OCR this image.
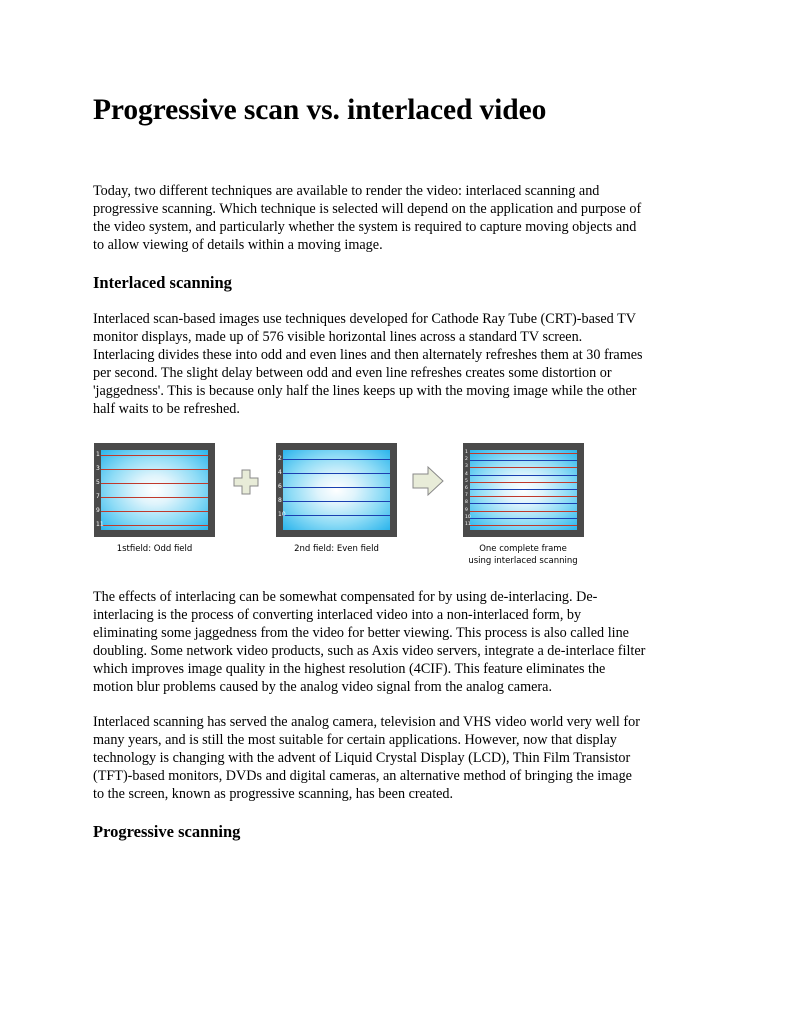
Progressive scan vs. interlaced video

Today, two different techniques are available to render the video: interlaced scanning and
progressive scanning. Which technique is selected will depend on the application and purpose of
the video system, and particularly whether the system is required to capture moving objects and
to allow viewing of details within a moving image.

Interlaced scanning

Interlaced scan-based images use techniques developed for Cathode Ray Tube (CRT)-based TV
monitor displays, made up of 576 visible horizontal lines across a standard TV screen.
Interlacing divides these into odd and even lines and then alternately refreshes them at 30 frames
per second. The slight delay between odd and even line refreshes creates some distortion or
'jaggedness'. This is because only half the lines keeps up with the moving image while the other
half waits to be refreshed.

1
3
5
7
9
11
2
4
6
8
10
1
2
3
4
5
6
7
8
9
10
11
1stfield: Odd field	2nd field: Even field	One complete frame
using interlaced scanning

The effects of interlacing can be somewhat compensated for by using de-interlacing. De-
interlacing is the process of converting interlaced video into a non-interlaced form, by
eliminating some jaggedness from the video for better viewing. This process is also called line
doubling. Some network video products, such as Axis video servers, integrate a de-interlace filter
which improves image quality in the highest resolution (4CIF). This feature eliminates the
motion blur problems caused by the analog video signal from the analog camera.

Interlaced scanning has served the analog camera, television and VHS video world very well for
many years, and is still the most suitable for certain applications. However, now that display
technology is changing with the advent of Liquid Crystal Display (LCD), Thin Film Transistor
(TFT)-based monitors, DVDs and digital cameras, an alternative method of bringing the image
to the screen, known as progressive scanning, has been created.

Progressive scanning
